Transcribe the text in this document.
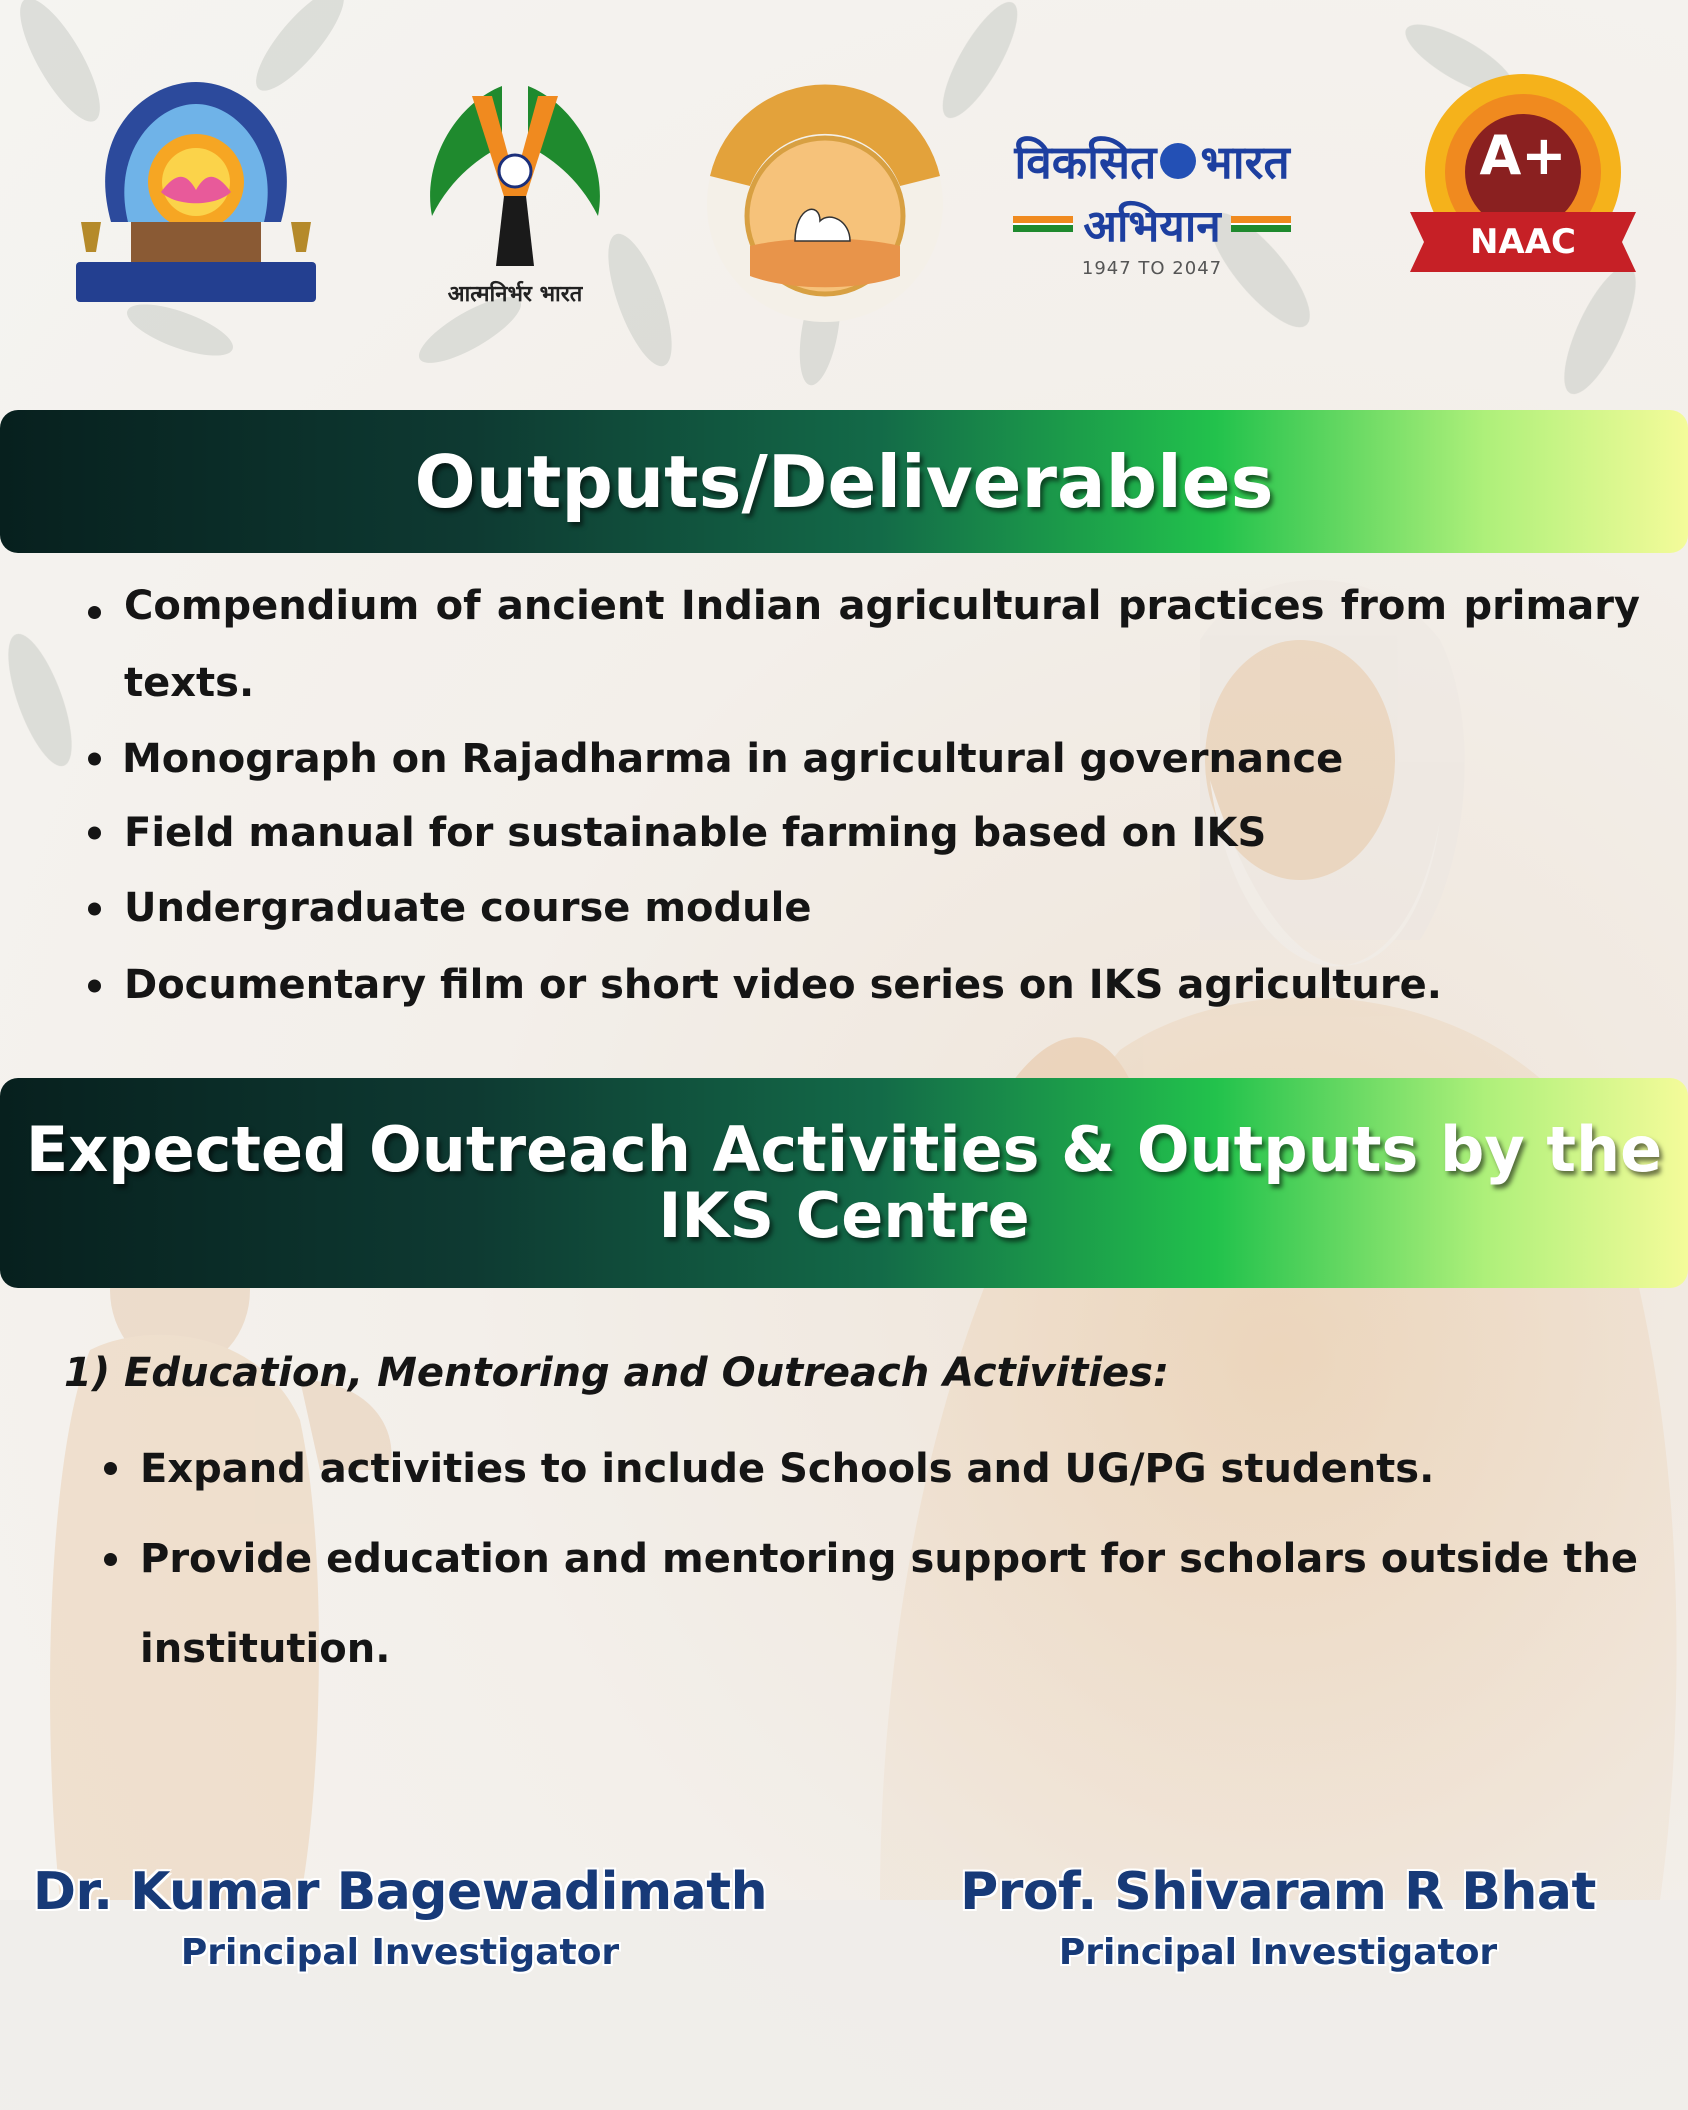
आत्मनिर्भर भारत
विकसित भारत
अभियान
1947 TO 2047
A+
NAAC
Outputs/Deliverables
Compendium of ancient Indian agricultural practices from primary texts.
Monograph on Rajadharma in agricultural governance
Field manual for sustainable farming based on IKS
Undergraduate course module
Documentary film or short video series on IKS agriculture.
Expected Outreach Activities & Outputs by the
IKS Centre
1) Education, Mentoring and Outreach Activities:
Expand activities to include Schools and UG/PG students.
Provide education and mentoring support for scholars outside the institution.
Dr. Kumar Bagewadimath
Principal Investigator
Prof. Shivaram R Bhat
Principal Investigator
